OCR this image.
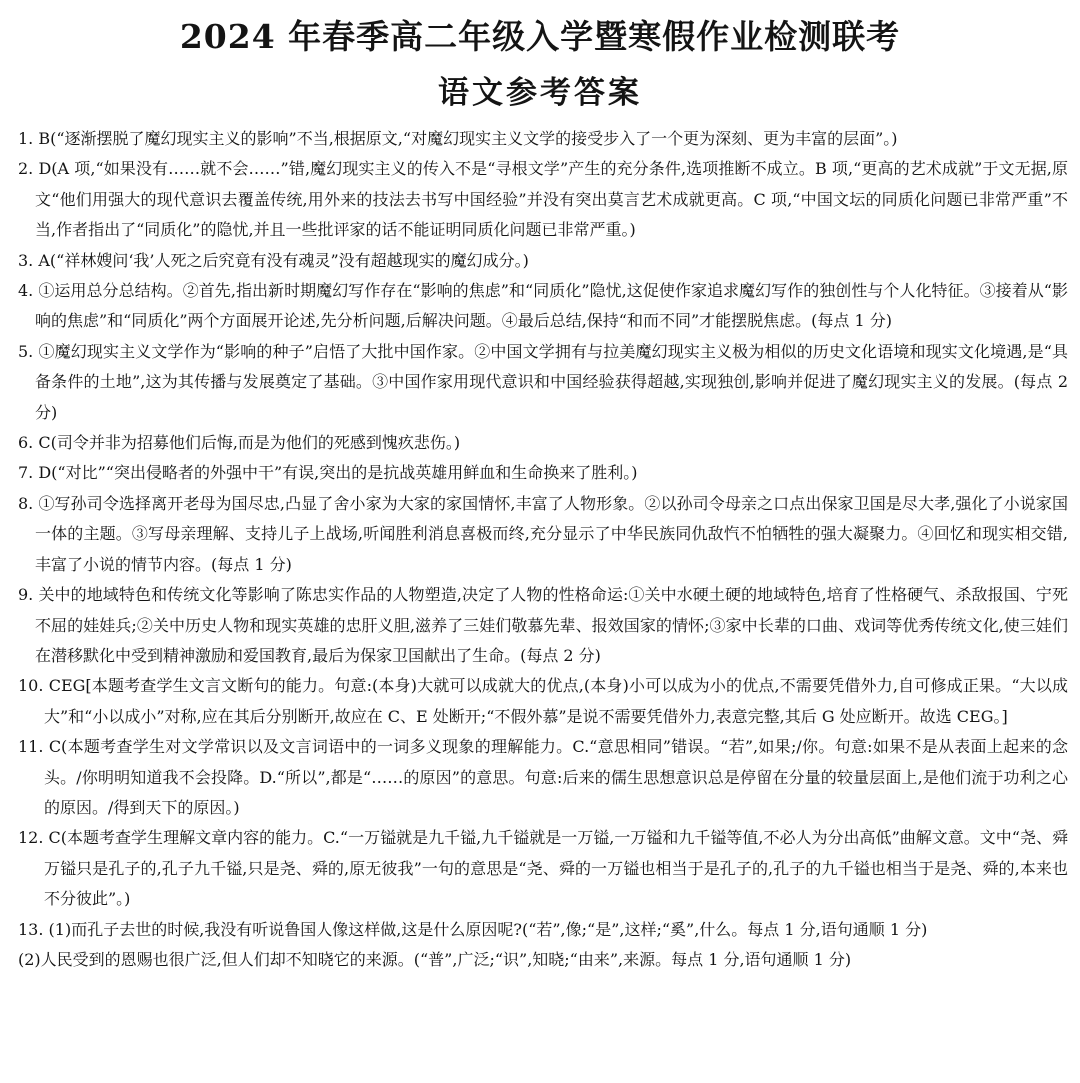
2024 年春季高二年级入学暨寒假作业检测联考
语文参考答案
1. B(“逐渐摆脱了魔幻现实主义的影响”不当,根据原文,“对魔幻现实主义文学的接受步入了一个更为深刻、更为丰富的层面”。)
2. D(A 项,“如果没有……就不会……”错,魔幻现实主义的传入不是“寻根文学”产生的充分条件,选项推断不成立。B 项,“更高的艺术成就”于文无据,原文“他们用强大的现代意识去覆盖传统,用外来的技法去书写中国经验”并没有突出莫言艺术成就更高。C 项,“中国文坛的同质化问题已非常严重”不当,作者指出了“同质化”的隐忧,并且一些批评家的话不能证明同质化问题已非常严重。)
3. A(“祥林嫂问‘我’人死之后究竟有没有魂灵”没有超越现实的魔幻成分。)
4. ①运用总分总结构。②首先,指出新时期魔幻写作存在“影响的焦虑”和“同质化”隐忧,这促使作家追求魔幻写作的独创性与个人化特征。③接着从“影响的焦虑”和“同质化”两个方面展开论述,先分析问题,后解决问题。④最后总结,保持“和而不同”才能摆脱焦虑。(每点 1 分)
5. ①魔幻现实主义文学作为“影响的种子”启悟了大批中国作家。②中国文学拥有与拉美魔幻现实主义极为相似的历史文化语境和现实文化境遇,是“具备条件的土地”,这为其传播与发展奠定了基础。③中国作家用现代意识和中国经验获得超越,实现独创,影响并促进了魔幻现实主义的发展。(每点 2 分)
6. C(司令并非为招募他们后悔,而是为他们的死感到愧疚悲伤。)
7. D(“对比”“突出侵略者的外强中干”有误,突出的是抗战英雄用鲜血和生命换来了胜利。)
8. ①写孙司令选择离开老母为国尽忠,凸显了舍小家为大家的家国情怀,丰富了人物形象。②以孙司令母亲之口点出保家卫国是尽大孝,强化了小说家国一体的主题。③写母亲理解、支持儿子上战场,听闻胜利消息喜极而终,充分显示了中华民族同仇敌忾不怕牺牲的强大凝聚力。④回忆和现实相交错,丰富了小说的情节内容。(每点 1 分)
9. 关中的地域特色和传统文化等影响了陈忠实作品的人物塑造,决定了人物的性格命运:①关中水硬土硬的地域特色,培育了性格硬气、杀敌报国、宁死不屈的娃娃兵;②关中历史人物和现实英雄的忠肝义胆,滋养了三娃们敬慕先辈、报效国家的情怀;③家中长辈的口曲、戏词等优秀传统文化,使三娃们在潜移默化中受到精神激励和爱国教育,最后为保家卫国献出了生命。(每点 2 分)
10. CEG[本题考查学生文言文断句的能力。句意:(本身)大就可以成就大的优点,(本身)小可以成为小的优点,不需要凭借外力,自可修成正果。“大以成大”和“小以成小”对称,应在其后分别断开,故应在 C、E 处断开;“不假外慕”是说不需要凭借外力,表意完整,其后 G 处应断开。故选 CEG。]
11. C(本题考查学生对文学常识以及文言词语中的一词多义现象的理解能力。C.“意思相同”错误。“若”,如果;/你。句意:如果不是从表面上起来的念头。/你明明知道我不会投降。D.“所以”,都是“……的原因”的意思。句意:后来的儒生思想意识总是停留在分量的较量层面上,是他们流于功利之心的原因。/得到天下的原因。)
12. C(本题考查学生理解文章内容的能力。C.“一万镒就是九千镒,九千镒就是一万镒,一万镒和九千镒等值,不必人为分出高低”曲解文意。文中“尧、舜万镒只是孔子的,孔子九千镒,只是尧、舜的,原无彼我”一句的意思是“尧、舜的一万镒也相当于是孔子的,孔子的九千镒也相当于是尧、舜的,本来也不分彼此”。)
13. (1)而孔子去世的时候,我没有听说鲁国人像这样做,这是什么原因呢?(“若”,像;“是”,这样;“奚”,什么。每点 1 分,语句通顺 1 分)
(2)人民受到的恩赐也很广泛,但人们却不知晓它的来源。(“普”,广泛;“识”,知晓;“由来”,来源。每点 1 分,语句通顺 1 分)
